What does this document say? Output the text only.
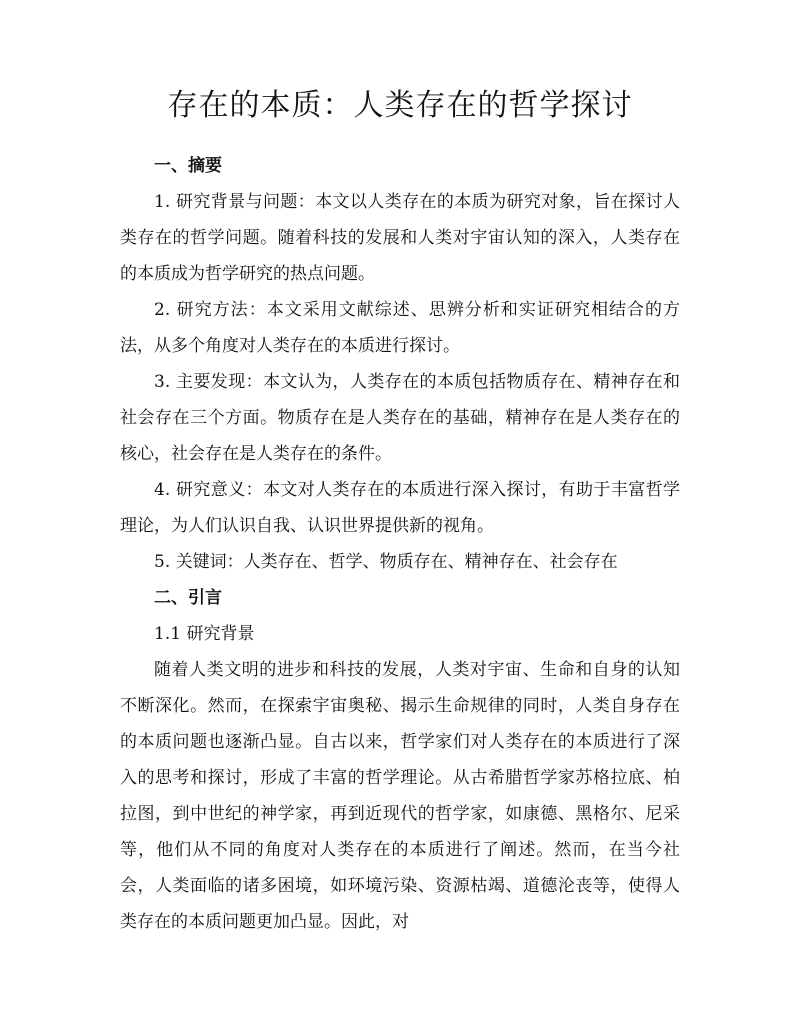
存在的本质：人类存在的哲学探讨
一、摘要

1. 研究背景与问题：本文以人类存在的本质为研究对象，旨在探讨人类存在的哲学问题。随着科技的发展和人类对宇宙认知的深入，人类存在的本质成为哲学研究的热点问题。

2. 研究方法：本文采用文献综述、思辨分析和实证研究相结合的方法，从多个角度对人类存在的本质进行探讨。

3. 主要发现：本文认为，人类存在的本质包括物质存在、精神存在和社会存在三个方面。物质存在是人类存在的基础，精神存在是人类存在的核心，社会存在是人类存在的条件。

4. 研究意义：本文对人类存在的本质进行深入探讨，有助于丰富哲学理论，为人们认识自我、认识世界提供新的视角。

5. 关键词：人类存在、哲学、物质存在、精神存在、社会存在

二、引言

1.1 研究背景

随着人类文明的进步和科技的发展，人类对宇宙、生命和自身的认知不断深化。然而，在探索宇宙奥秘、揭示生命规律的同时，人类自身存在的本质问题也逐渐凸显。自古以来，哲学家们对人类存在的本质进行了深入的思考和探讨，形成了丰富的哲学理论。从古希腊哲学家苏格拉底、柏拉图，到中世纪的神学家，再到近现代的哲学家，如康德、黑格尔、尼采等，他们从不同的角度对人类存在的本质进行了阐述。然而，在当今社会，人类面临的诸多困境，如环境污染、资源枯竭、道德沦丧等，使得人类存在的本质问题更加凸显。因此，对
